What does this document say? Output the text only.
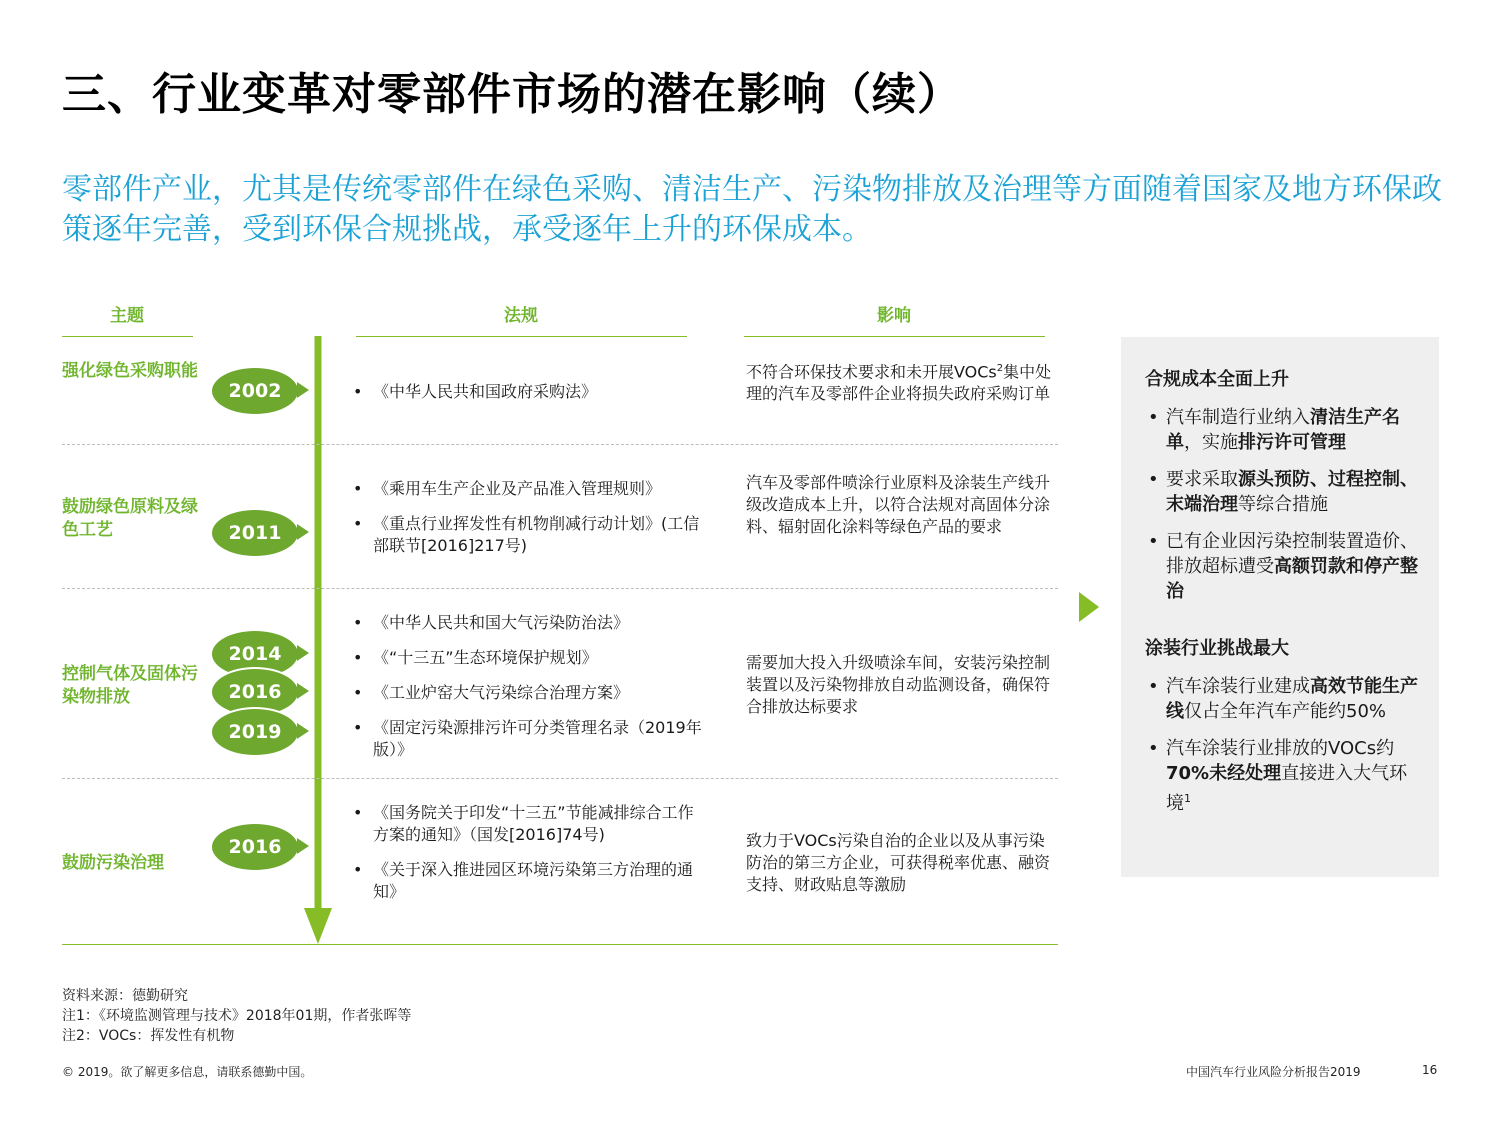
三、行业变革对零部件市场的潜在影响（续）
零部件产业，尤其是传统零部件在绿色采购、清洁生产、污染物排放及治理等方面随着国家及地方环保政策逐年完善，受到环保合规挑战，承受逐年上升的环保成本。
主题	法规	影响
强化绿色采购职能
2002
•	《中华人民共和国政府采购法》
不符合环保技术要求和未开展VOCs$^2$集中处理的汽车及零部件企业将损失政府采购订单
鼓励绿色原料及绿色工艺	2011
• 《乘用车生产企业及产品准入管理规则》
• 《重点行业挥发性有机物削减行动计划》(工信部联节[2016]217号)
汽车及零部件喷涂行业原料及涂装生产线升级改造成本上升，以符合法规对高固体分涂料、辐射固化涂料等绿色产品的要求
控制气体及固体污染物排放
2014
2016
2019
• 《中华人民共和国大气污染防治法》
• 《“十三五”生态环境保护规划》
• 《工业炉窑大气污染综合治理方案》
• 《固定污染源排污许可分类管理名录（2019年版）》
需要加大投入升级喷涂车间，安装污染控制装置以及污染物排放自动监测设备，确保符合排放达标要求
鼓励污染治理
2016
• 《国务院关于印发“十三五”节能减排综合工作方案的通知》（国发[2016]74号)
• 《关于深入推进园区环境污染第三方治理的通知》
致力于VOCs污染自治的企业以及从事污染防治的第三方企业，可获得税率优惠、融资支持、财政贴息等激励
合规成本全面上升
• 汽车制造行业纳入清洁生产名单，实施排污许可管理
• 要求采取源头预防、过程控制、末端治理等综合措施
• 已有企业因污染控制装置造价、排放超标遭受高额罚款和停产整治
涂装行业挑战最大
• 汽车涂装行业建成高效节能生产线仅占全年汽车产能约50%
• 汽车涂装行业排放的VOCs约70%未经处理直接进入大气环境$^1$
资料来源：德勤研究
注1：《环境监测管理与技术》2018年01期，作者张晖等
注2：VOCs：挥发性有机物
© 2019。欲了解更多信息，请联系德勤中国。	中国汽车行业风险分析报告2019	16
